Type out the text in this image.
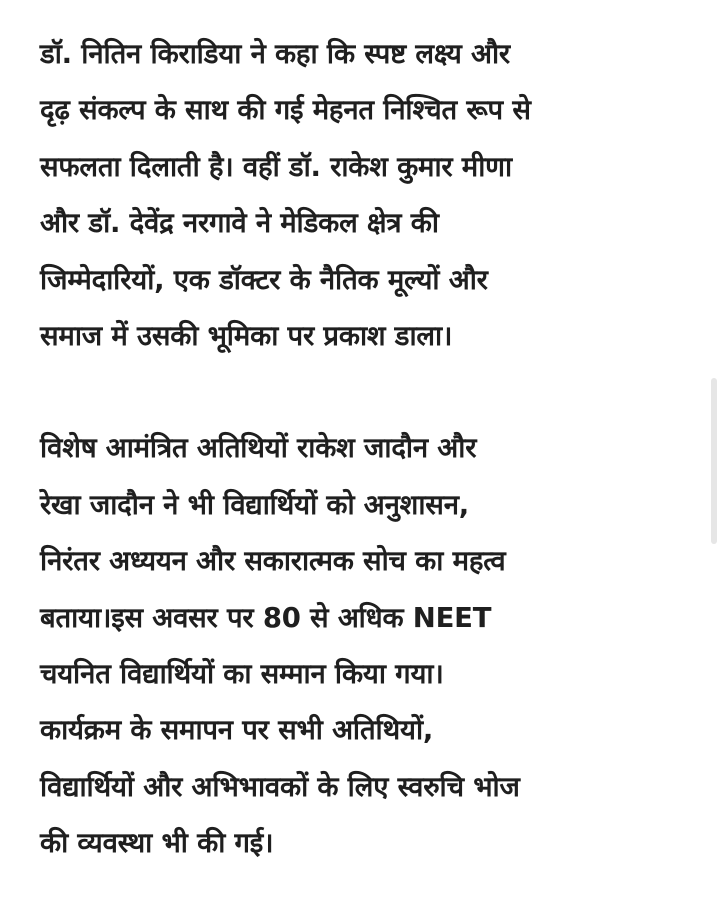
डॉ. नितिन किराडिया ने कहा कि स्पष्ट लक्ष्य और
दृढ़ संकल्प के साथ की गई मेहनत निश्चित रूप से
सफलता दिलाती है। वहीं डॉ. राकेश कुमार मीणा
और डॉ. देवेंद्र नरगावे ने मेडिकल क्षेत्र की
जिम्मेदारियों, एक डॉक्टर के नैतिक मूल्यों और
समाज में उसकी भूमिका पर प्रकाश डाला।
विशेष आमंत्रित अतिथियों राकेश जादौन और
रेखा जादौन ने भी विद्यार्थियों को अनुशासन,
निरंतर अध्ययन और सकारात्मक सोच का महत्व
बताया।इस अवसर पर 80 से अधिक NEET
चयनित विद्यार्थियों का सम्मान किया गया।
कार्यक्रम के समापन पर सभी अतिथियों,
विद्यार्थियों और अभिभावकों के लिए स्वरुचि भोज
की व्यवस्था भी की गई।
